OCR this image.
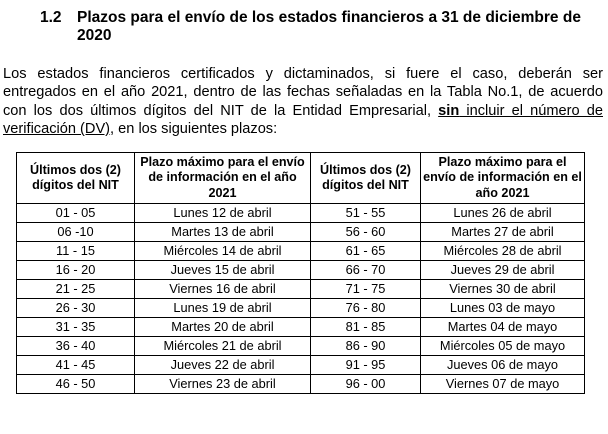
1.2 Plazos para el envío de los estados financieros a 31 de diciembre de 2020
Los estados financieros certificados y dictaminados, si fuere el caso, deberán ser entregados en el año 2021, dentro de las fechas señaladas en la Tabla No.1, de acuerdo con los dos últimos dígitos del NIT de la Entidad Empresarial, sin incluir el número de verificación (DV), en los siguientes plazos:
Últimos dos (2) dígitos del NIT	Plazo máximo para el envío de información en el año 2021	Últimos dos (2) dígitos del NIT	Plazo máximo para el envío de información en el año 2021
01 - 05	Lunes 12 de abril	51 - 55	Lunes 26 de abril
06 -10	Martes 13 de abril	56 - 60	Martes 27 de abril
11 - 15	Miércoles 14 de abril	61 - 65	Miércoles 28 de abril
16 - 20	Jueves 15 de abril	66 - 70	Jueves 29 de abril
21 - 25	Viernes 16 de abril	71 - 75	Viernes 30 de abril
26 - 30	Lunes 19 de abril	76 - 80	Lunes 03 de mayo
31 - 35	Martes 20 de abril	81 - 85	Martes 04 de mayo
36 - 40	Miércoles 21 de abril	86 - 90	Miércoles 05 de mayo
41 - 45	Jueves 22 de abril	91 - 95	Jueves 06 de mayo
46 - 50	Viernes 23 de abril	96 - 00	Viernes 07 de mayo
